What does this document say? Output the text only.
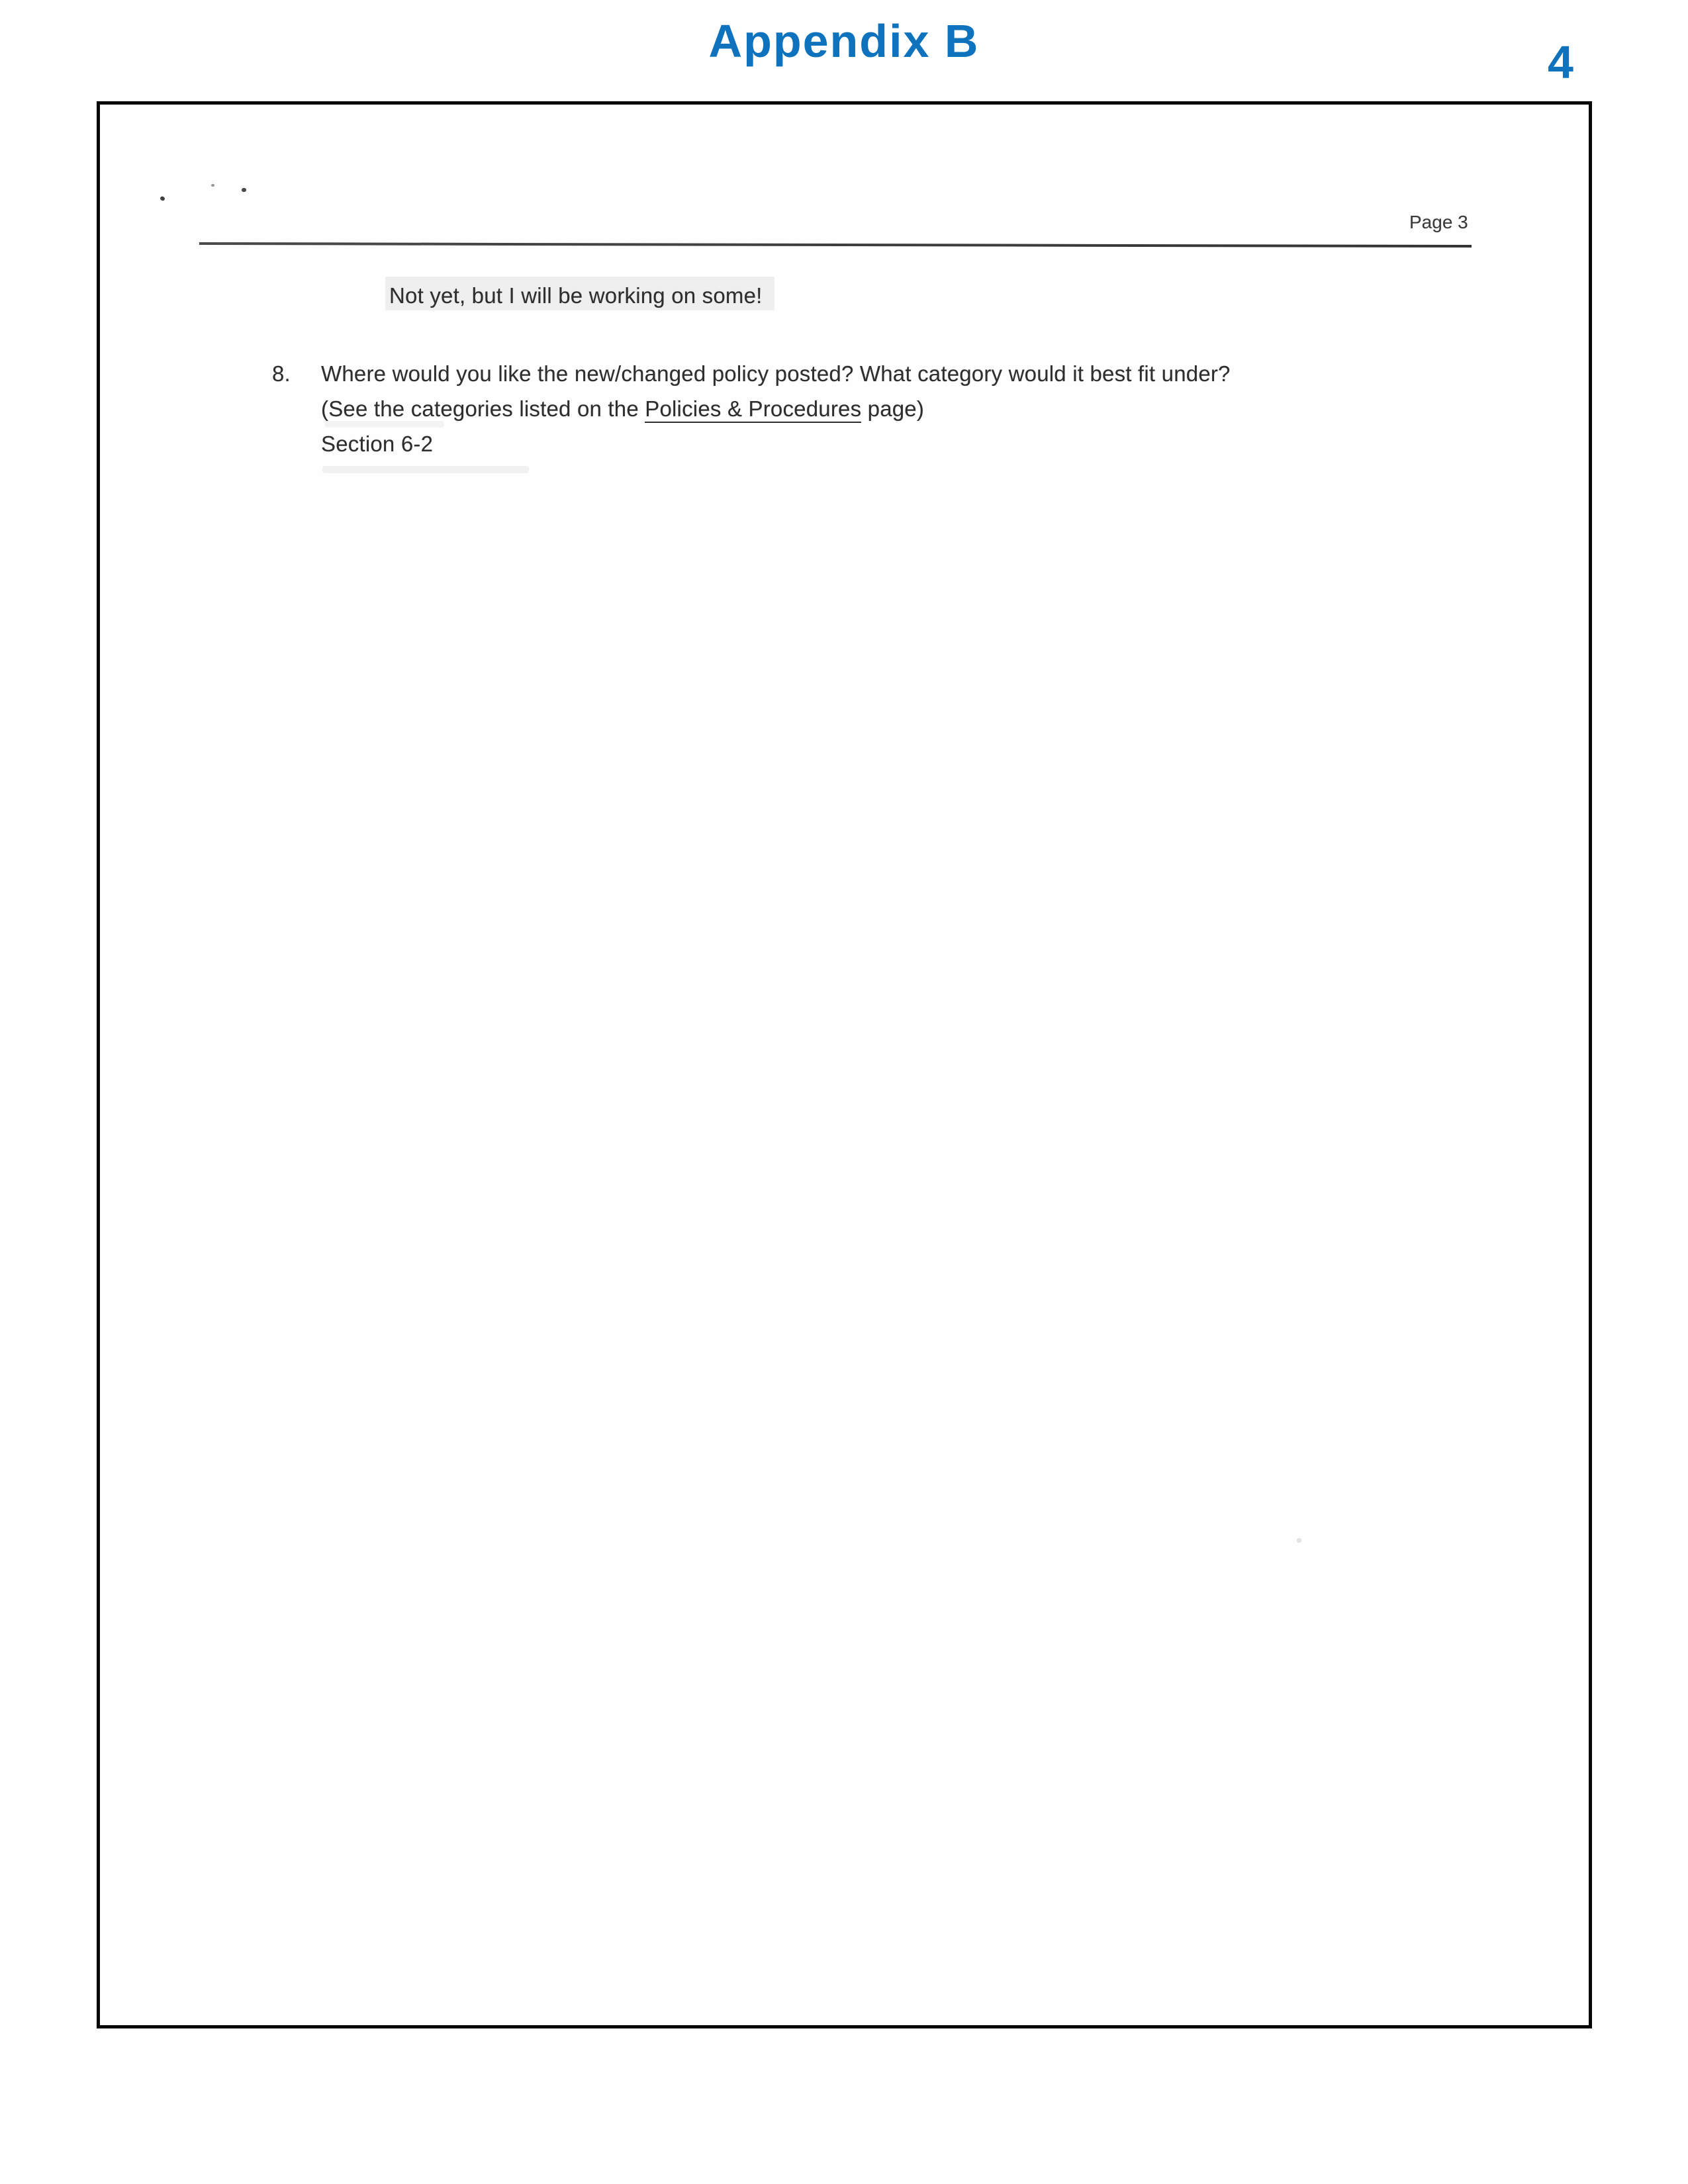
Appendix B	4
Page 3
Not yet, but I will be working on some!
8.	Where would you like the new/changed policy posted? What category would it best fit under?
(See the categories listed on the Policies & Procedures page)
Section 6-2
